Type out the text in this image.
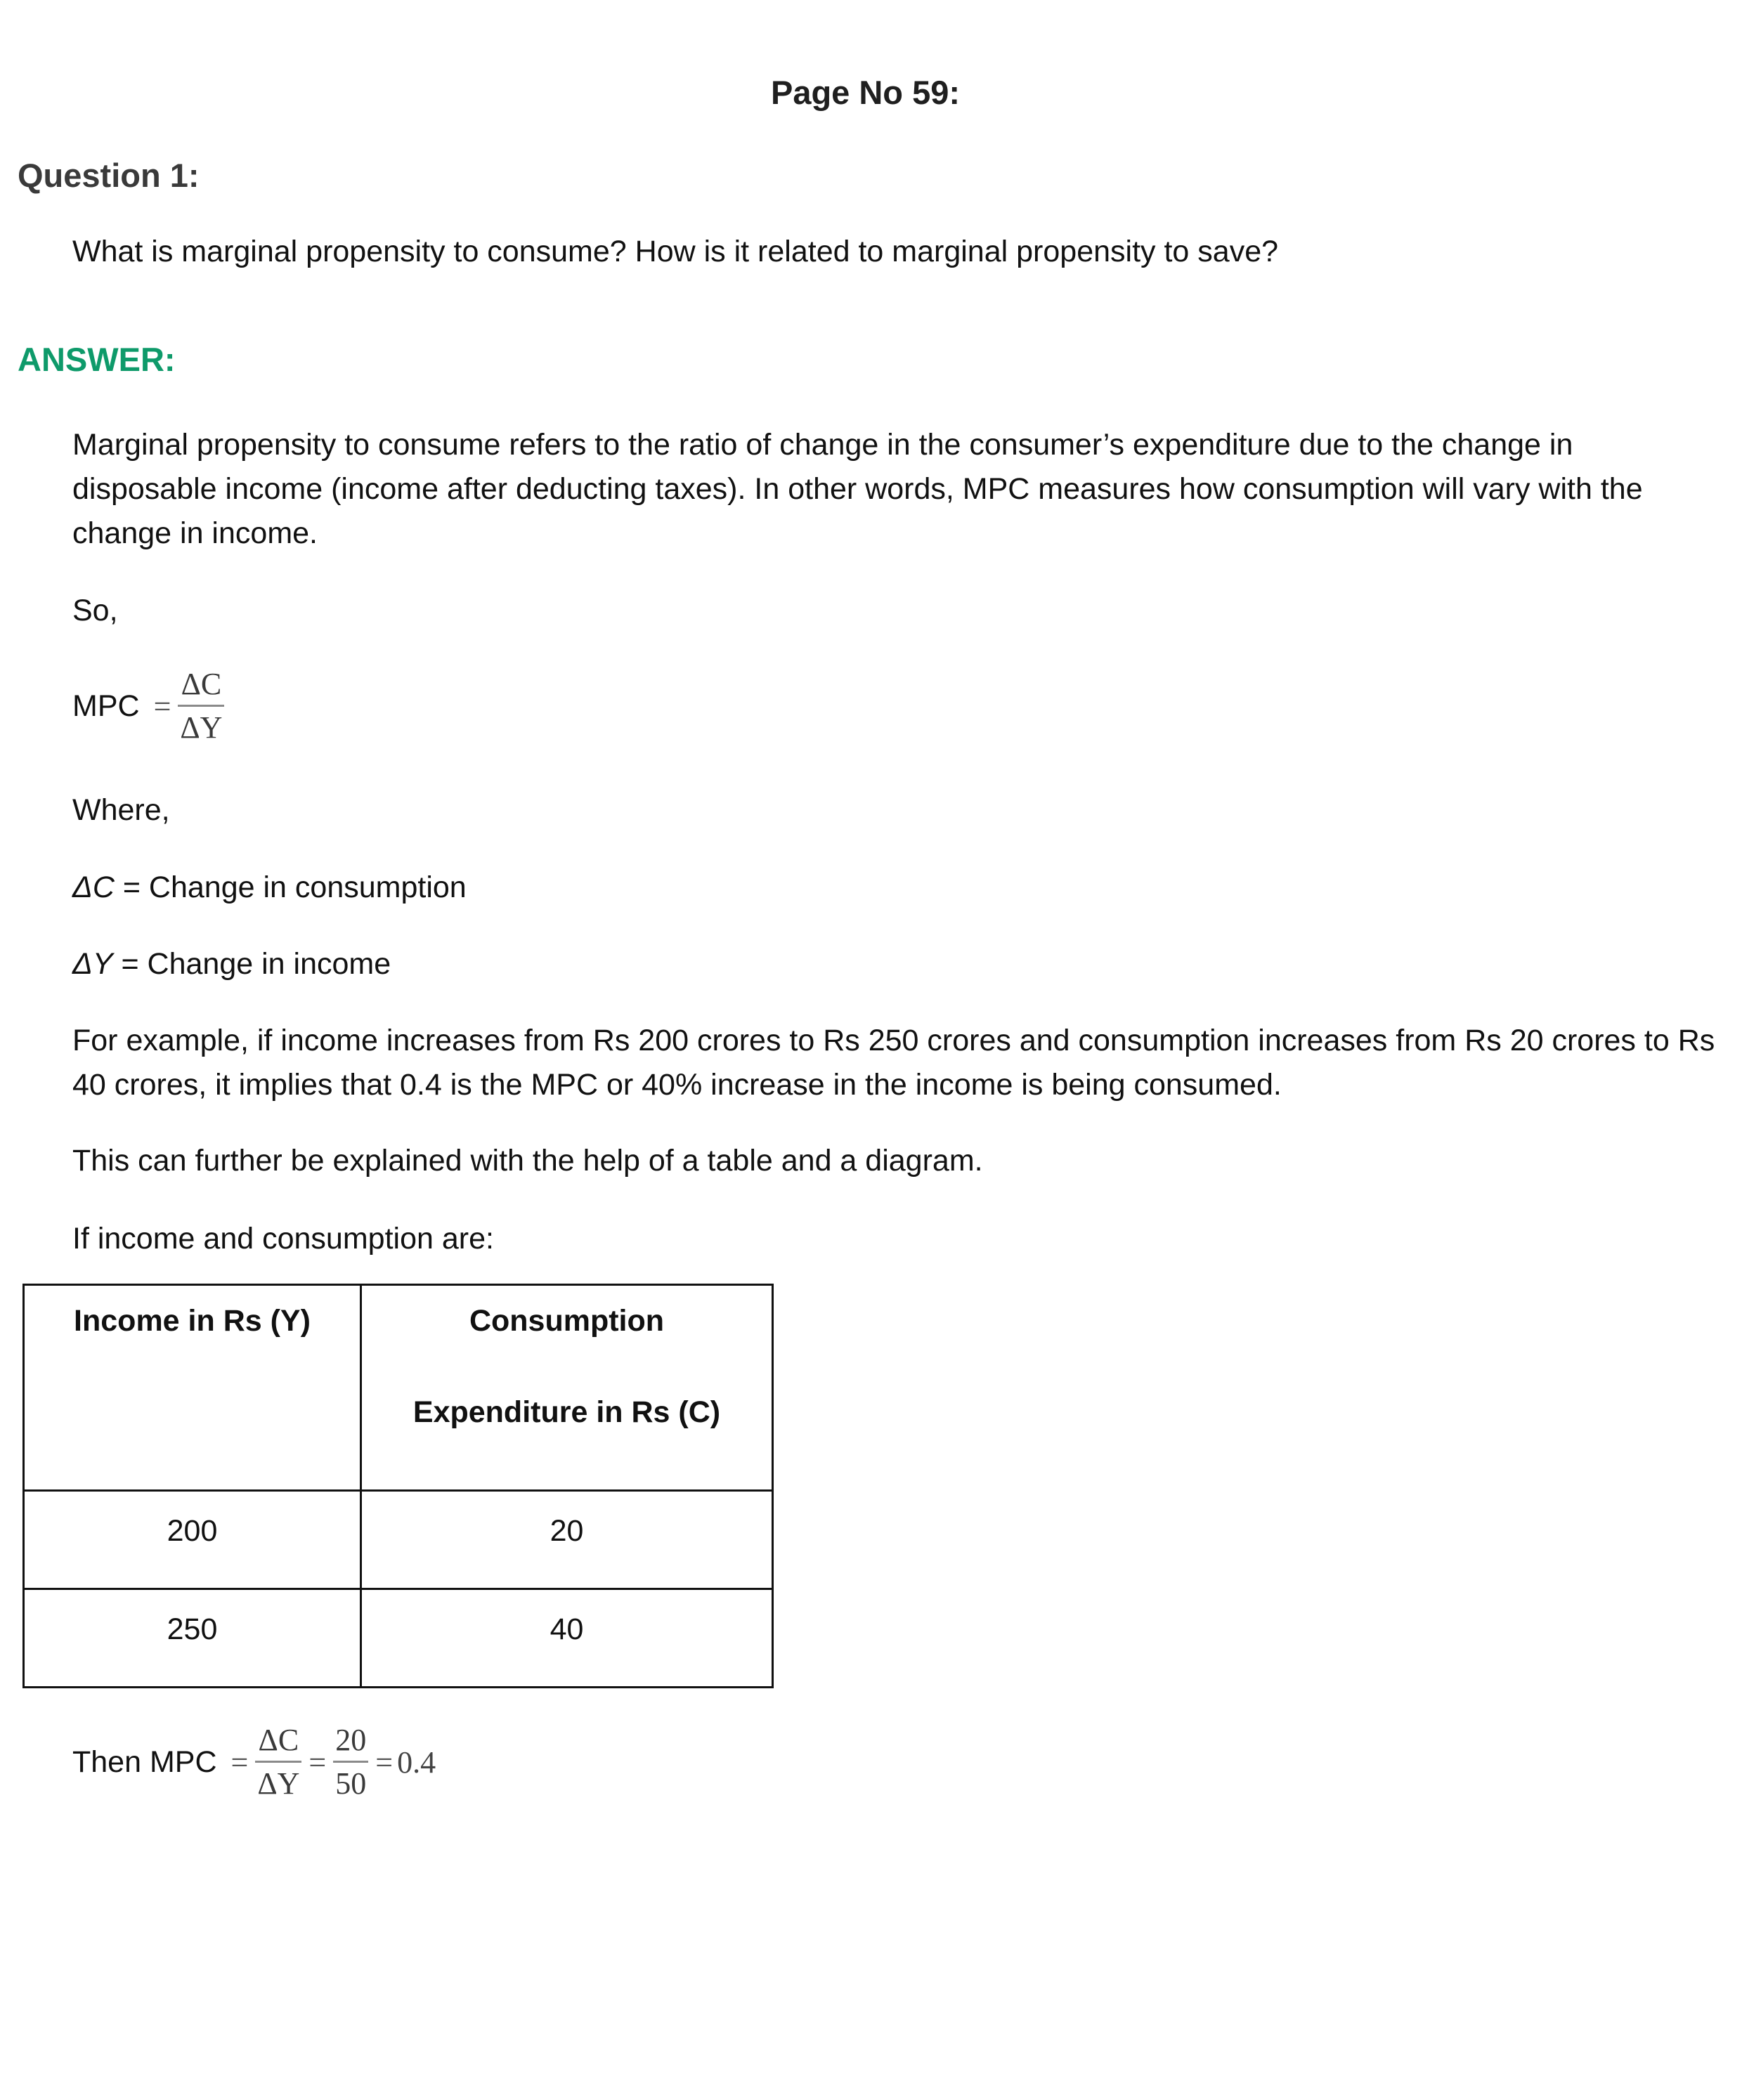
Page No 59:
Question 1:
What is marginal propensity to consume? How is it related to marginal propensity to save?
ANSWER:
Marginal propensity to consume refers to the ratio of change in the consumer’s expenditure due to the change in disposable income (income after deducting taxes). In other words, MPC measures how consumption will vary with the change in income.
So,
MPC = $\frac{\Delta C}{\Delta Y}$
Where,
ΔC = Change in consumption
ΔY = Change in income
For example, if income increases from Rs 200 crores to Rs 250 crores and consumption increases from Rs 20 crores to Rs 40 crores, it implies that 0.4 is the MPC or 40% increase in the income is being consumed.
This can further be explained with the help of a table and a diagram.
If income and consumption are:
Income in Rs (Y)	Consumption
Expenditure in Rs (C)

200	20

250	40
Then MPC = $\frac{\Delta C}{\Delta Y} = \frac{20}{50} = 0.4$
